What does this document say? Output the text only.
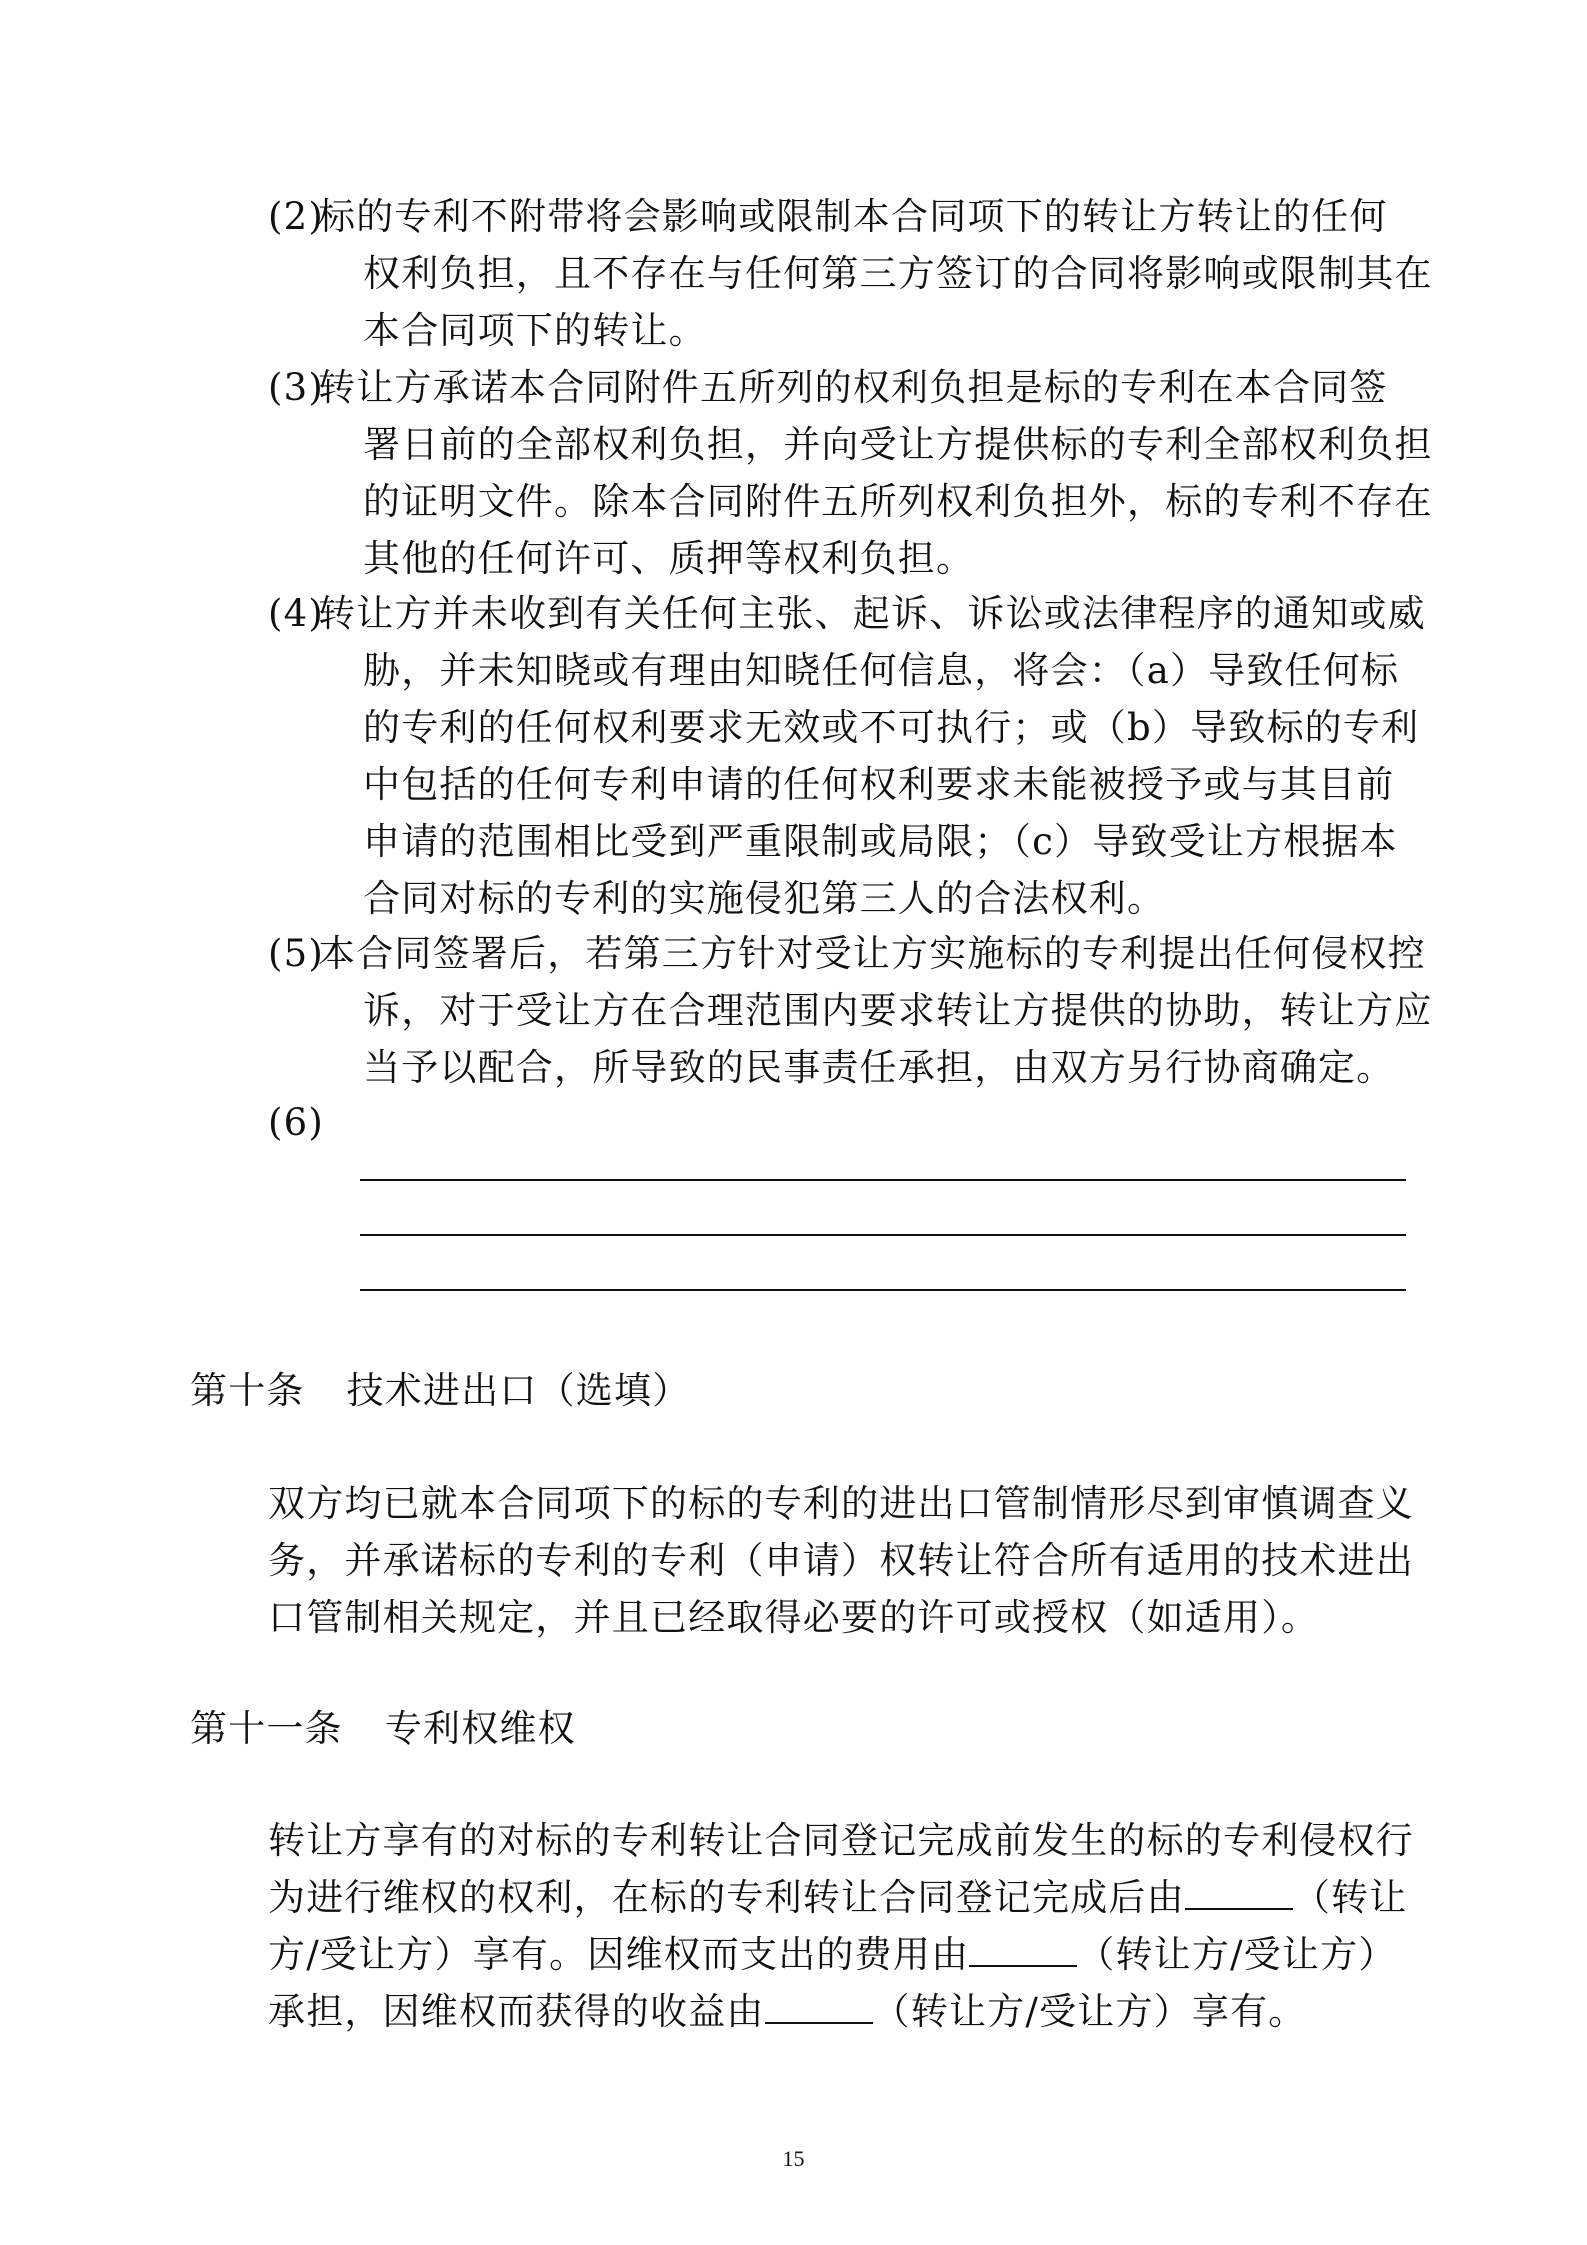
(2)标的专利不附带将会影响或限制本合同项下的转让方转让的任何
权利负担，且不存在与任何第三方签订的合同将影响或限制其在
本合同项下的转让。
(3)转让方承诺本合同附件五所列的权利负担是标的专利在本合同签
署日前的全部权利负担，并向受让方提供标的专利全部权利负担
的证明文件。除本合同附件五所列权利负担外，标的专利不存在
其他的任何许可、质押等权利负担。
(4)转让方并未收到有关任何主张、起诉、诉讼或法律程序的通知或威
胁，并未知晓或有理由知晓任何信息，将会：（a）导致任何标
的专利的任何权利要求无效或不可执行；或（b）导致标的专利
中包括的任何专利申请的任何权利要求未能被授予或与其目前
申请的范围相比受到严重限制或局限；（c）导致受让方根据本
合同对标的专利的实施侵犯第三人的合法权利。
(5)本合同签署后，若第三方针对受让方实施标的专利提出任何侵权控
诉，对于受让方在合理范围内要求转让方提供的协助，转让方应
当予以配合，所导致的民事责任承担，由双方另行协商确定。
(6)
第十条 技术进出口（选填）
双方均已就本合同项下的标的专利的进出口管制情形尽到审慎调查义
务，并承诺标的专利的专利（申请）权转让符合所有适用的技术进出
口管制相关规定，并且已经取得必要的许可或授权（如适用）。
第十一条 专利权维权
转让方享有的对标的专利转让合同登记完成前发生的标的专利侵权行
为进行维权的权利，在标的专利转让合同登记完成后由	（转让
方/受让方）享有。因维权而支出的费用由	（转让方/受让方）
承担，因维权而获得的收益由	（转让方/受让方）享有。
15
